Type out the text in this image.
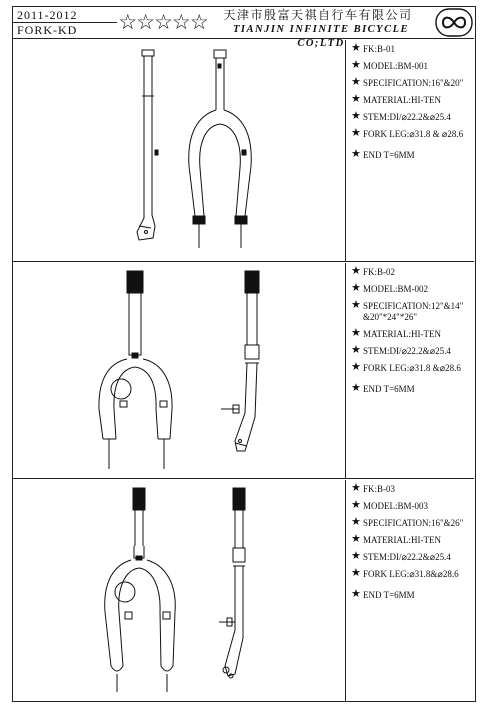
2011-2012
FORK-KD	☆☆☆☆☆	天津市殷富天祺自行车有限公司
TIANJIN INFINITE BICYCLE CO;LTD ★ FK:B-01
★ MODEL:BM-001
★ SPECIFICATION:16"&20"
★ MATERIAL:HI-TEN
★ STEM:DI/⌀22.2&⌀25.4
★ FORK LEG:⌀31.8 & ⌀28.6
★ END T=6MM
★ FK:B-02
★ MODEL:BM-002
★ SPECIFICATION:12"&14"
&20"*24"*26"
★ MATERIAL:HI-TEN
★ STEM:DI/⌀22.2&⌀25.4
★ FORK LEG:⌀31.8 &⌀28.6
★ END T=6MM
★ FK:B-03
★ MODEL:BM-003
★ SPECIFICATION:16"&26"
★ MATERIAL:HI-TEN
★ STEM:DI/⌀22.2&⌀25.4
★ FORK LEG:⌀31.8&⌀28.6
★ END T=6MM
